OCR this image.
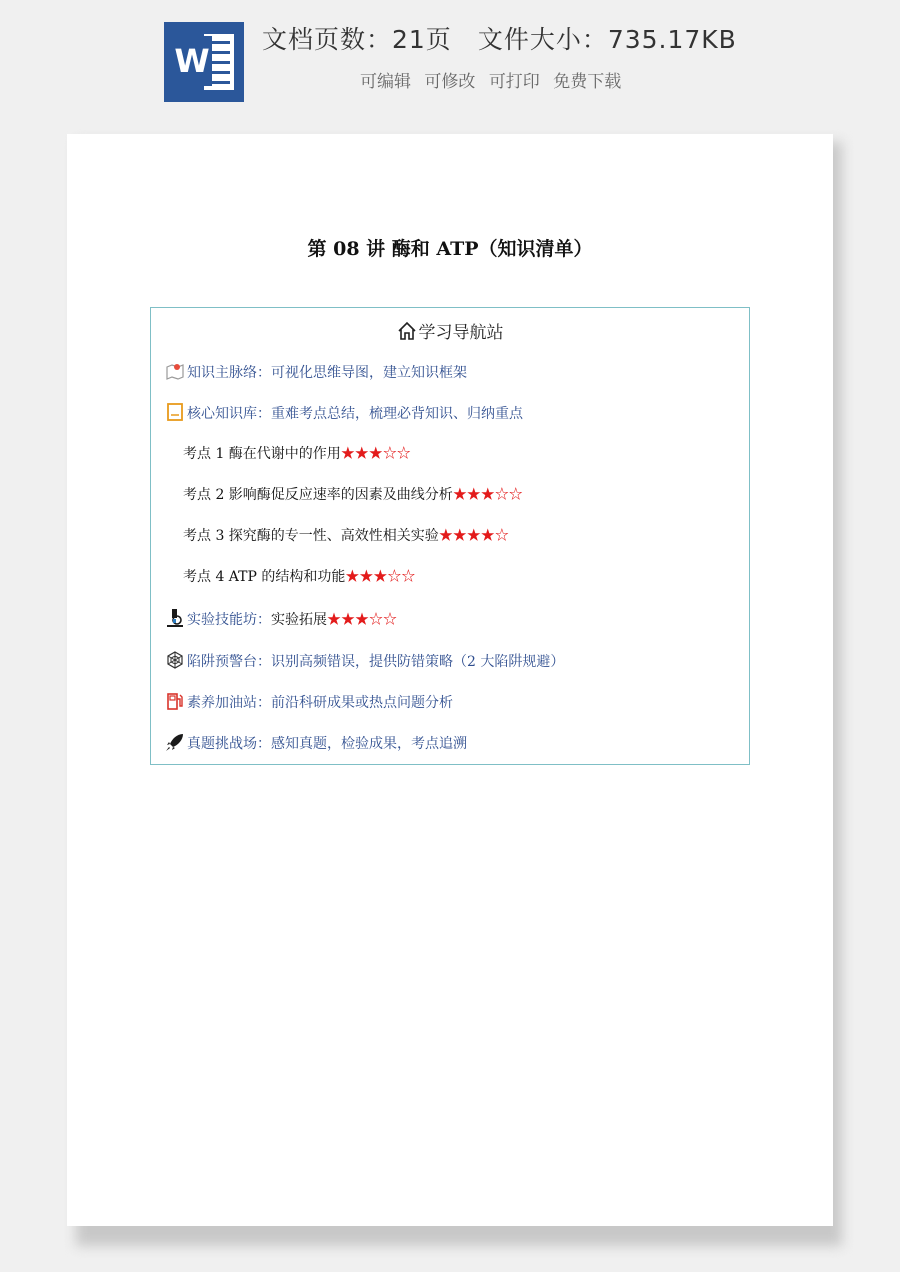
W
文档页数：21页 文件大小：735.17KB
可编辑 可修改 可打印 免费下载
第 08 讲 酶和 ATP（知识清单）
学习导航站
知识主脉络：可视化思维导图，建立知识框架
核心知识库：重难考点总结，梳理必背知识、归纳重点
考点 1 酶在代谢中的作用★★★☆☆
考点 2 影响酶促反应速率的因素及曲线分析★★★☆☆
考点 3 探究酶的专一性、高效性相关实验★★★★☆
考点 4 ATP 的结构和功能★★★☆☆
实验技能坊：实验拓展★★★☆☆
陷阱预警台：识别高频错误，提供防错策略（2 大陷阱规避）
素养加油站：前沿科研成果或热点问题分析
真题挑战场：感知真题，检验成果，考点追溯
